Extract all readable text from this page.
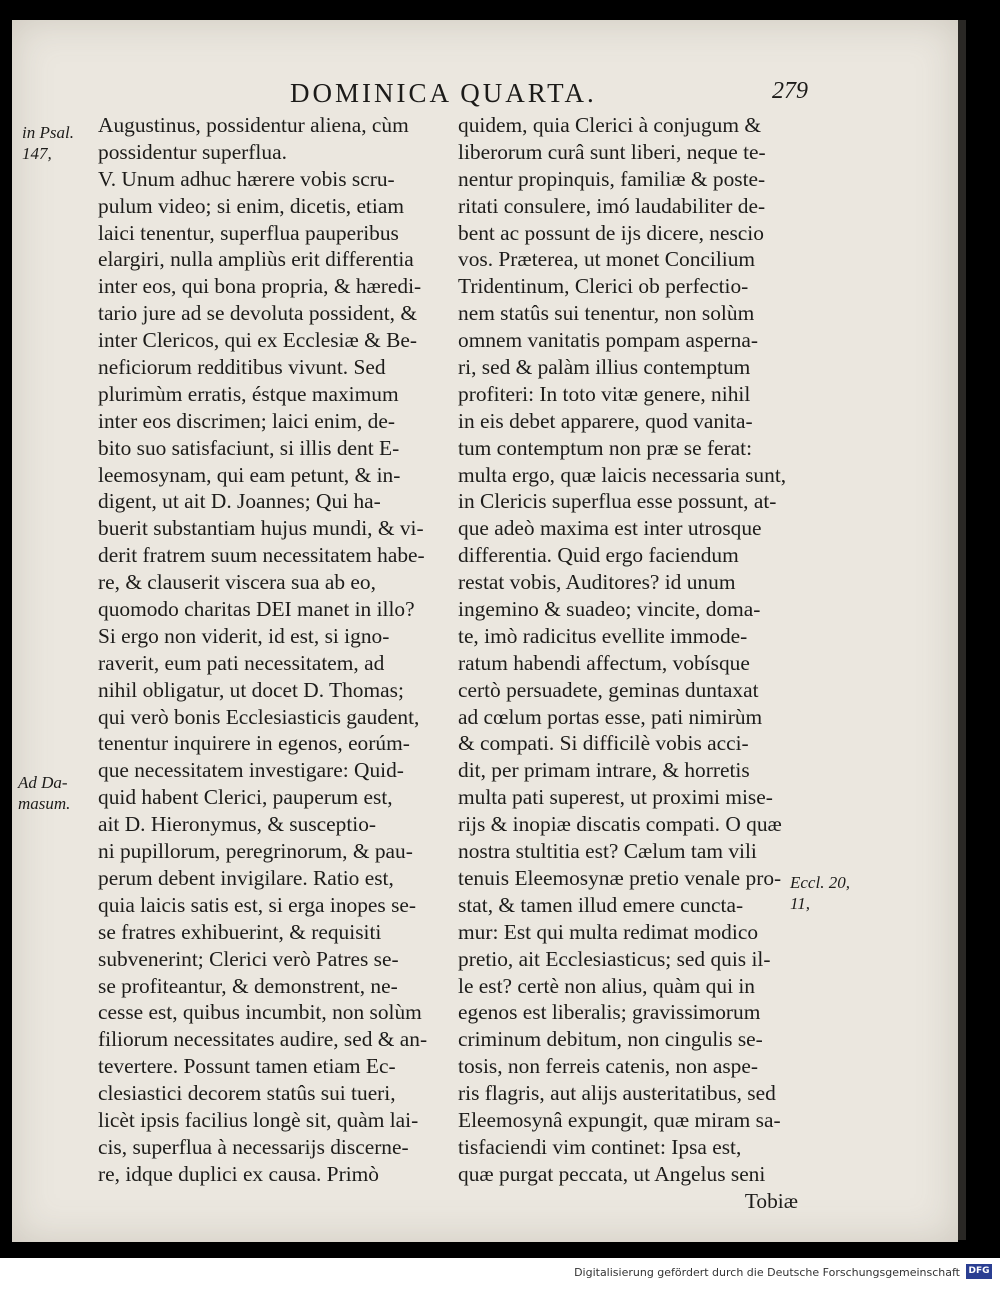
DOMINICA QUARTA.	279
in Psal.
147,
Ad Da-
masum.
Eccl. 20,
11,
Augustinus, possidentur aliena, cùm
possidentur superflua.
V. Unum adhuc hærere vobis scru-
pulum video; si enim, dicetis, etiam
laici tenentur, superflua pauperibus
elargiri, nulla ampliùs erit differentia
inter eos, qui bona propria, & hæredi-
tario jure ad se devoluta possident, &
inter Clericos, qui ex Ecclesiæ & Be-
neficiorum redditibus vivunt. Sed
plurimùm erratis, éstque maximum
inter eos discrimen; laici enim, de-
bito suo satisfaciunt, si illis dent E-
leemosynam, qui eam petunt, & in-
digent, ut ait D. Joannes; Qui ha-
buerit substantiam hujus mundi, & vi-
derit fratrem suum necessitatem habe-
re, & clauserit viscera sua ab eo,
quomodo charitas DEI manet in illo?
Si ergo non viderit, id est, si igno-
raverit, eum pati necessitatem, ad
nihil obligatur, ut docet D. Thomas;
qui verò bonis Ecclesiasticis gaudent,
tenentur inquirere in egenos, eorúm-
que necessitatem investigare: Quid-
quid habent Clerici, pauperum est,
ait D. Hieronymus, & susceptio-
ni pupillorum, peregrinorum, & pau-
perum debent invigilare. Ratio est,
quia laicis satis est, si erga inopes se-
se fratres exhibuerint, & requisiti
subvenerint; Clerici verò Patres se-
se profiteantur, & demonstrent, ne-
cesse est, quibus incumbit, non solùm
filiorum necessitates audire, sed & an-
tevertere. Possunt tamen etiam Ec-
clesiastici decorem statûs sui tueri,
licèt ipsis facilius longè sit, quàm lai-
cis, superflua à necessarijs discerne-
re, idque duplici ex causa. Primò
quidem, quia Clerici à conjugum &
liberorum curâ sunt liberi, neque te-
nentur propinquis, familiæ & poste-
ritati consulere, imó laudabiliter de-
bent ac possunt de ijs dicere, nescio
vos. Præterea, ut monet Concilium
Tridentinum, Clerici ob perfectio-
nem statûs sui tenentur, non solùm
omnem vanitatis pompam asperna-
ri, sed & palàm illius contemptum
profiteri: In toto vitæ genere, nihil
in eis debet apparere, quod vanita-
tum contemptum non præ se ferat:
multa ergo, quæ laicis necessaria sunt,
in Clericis superflua esse possunt, at-
que adeò maxima est inter utrosque
differentia. Quid ergo faciendum
restat vobis, Auditores? id unum
ingemino & suadeo; vincite, doma-
te, imò radicitus evellite immode-
ratum habendi affectum, vobísque
certò persuadete, geminas duntaxat
ad cœlum portas esse, pati nimirùm
& compati. Si difficilè vobis acci-
dit, per primam intrare, & horretis
multa pati superest, ut proximi mise-
rijs & inopiæ discatis compati. O quæ
nostra stultitia est? Cælum tam vili
tenuis Eleemosynæ pretio venale pro-
stat, & tamen illud emere cuncta-
mur: Est qui multa redimat modico
pretio, ait Ecclesiasticus; sed quis il-
le est? certè non alius, quàm qui in
egenos est liberalis; gravissimorum
criminum debitum, non cingulis se-
tosis, non ferreis catenis, non aspe-
ris flagris, aut alijs austeritatibus, sed
Eleemosynâ expungit, quæ miram sa-
tisfaciendi vim continet: Ipsa est,
quæ purgat peccata, ut Angelus seni
Tobiæ
Digitalisierung gefördert durch die Deutsche Forschungsgemeinschaft DFG
